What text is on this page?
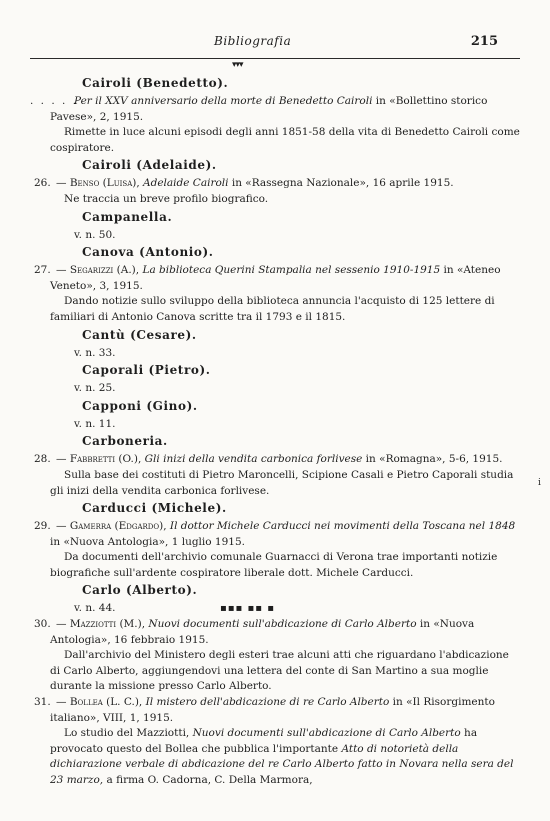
Bibliografia	215
▾▾▾
Cairoli (Benedetto).
. . . . .
Per il XXV anniversario della morte di Benedetto Cairoli in «Bollettino storico Pavese», 2, 1915.
Rimette in luce alcuni episodi degli anni 1851-58 della vita di Benedetto Cairoli come cospiratore.
Cairoli (Adelaide).
26. — Benso (Luisa), Adelaide Cairoli in «Rassegna Nazionale», 16 aprile 1915.
Ne traccia un breve profilo biografico.
Campanella.
v. n. 50.
Canova (Antonio).
27. — Segarizzi (A.), La biblioteca Querini Stampalia nel sessenio 1910-1915 in «Ateneo Veneto», 3, 1915.
Dando notizie sullo sviluppo della biblioteca annuncia l'acquisto di 125 lettere di familiari di Antonio Canova scritte tra il 1793 e il 1815.
Cantù (Cesare).
v. n. 33.
Caporali (Pietro).
v. n. 25.
Capponi (Gino).
v. n. 11.
Carboneria.
28. — Fabbretti (O.), Gli inizi della vendita carbonica forlivese in «Romagna», 5-6, 1915.
Sulla base dei costituti di Pietro Maroncelli, Scipione Casali e Pietro Caporali studia gli inizi della vendita carbonica forlivese.
Carducci (Michele).
29. — Gamerra (Edgardo), Il dottor Michele Carducci nei movimenti della Toscana nel 1848 in «Nuova Antologia», 1 luglio 1915.
Da documenti dell'archivio comunale Guarnacci di Verona trae importanti notizie biografiche sull'ardente cospiratore liberale dott. Michele Carducci.
Carlo (Alberto).
v. n. 44.	▪▪▪ ▪▪ ▪
30. — Mazziotti (M.), Nuovi documenti sull'abdicazione di Carlo Alberto in «Nuova Antologia», 16 febbraio 1915.
Dall'archivio del Ministero degli esteri trae alcuni atti che riguardano l'abdicazione di Carlo Alberto, aggiungendovi una lettera del conte di San Martino a sua moglie durante la missione presso Carlo Alberto.
31. — Bollea (L. C.), Il mistero dell'abdicazione di re Carlo Alberto in «Il Risorgimento italiano», VIII, 1, 1915.
Lo studio del Mazziotti, Nuovi documenti sull'abdicazione di Carlo Alberto ha provocato questo del Bollea che pubblica l'importante Atto di notorietà della dichiarazione verbale di abdicazione del re Carlo Alberto fatto in Novara nella sera del 23 marzo, a firma O. Cadorna, C. Della Marmora,
i
